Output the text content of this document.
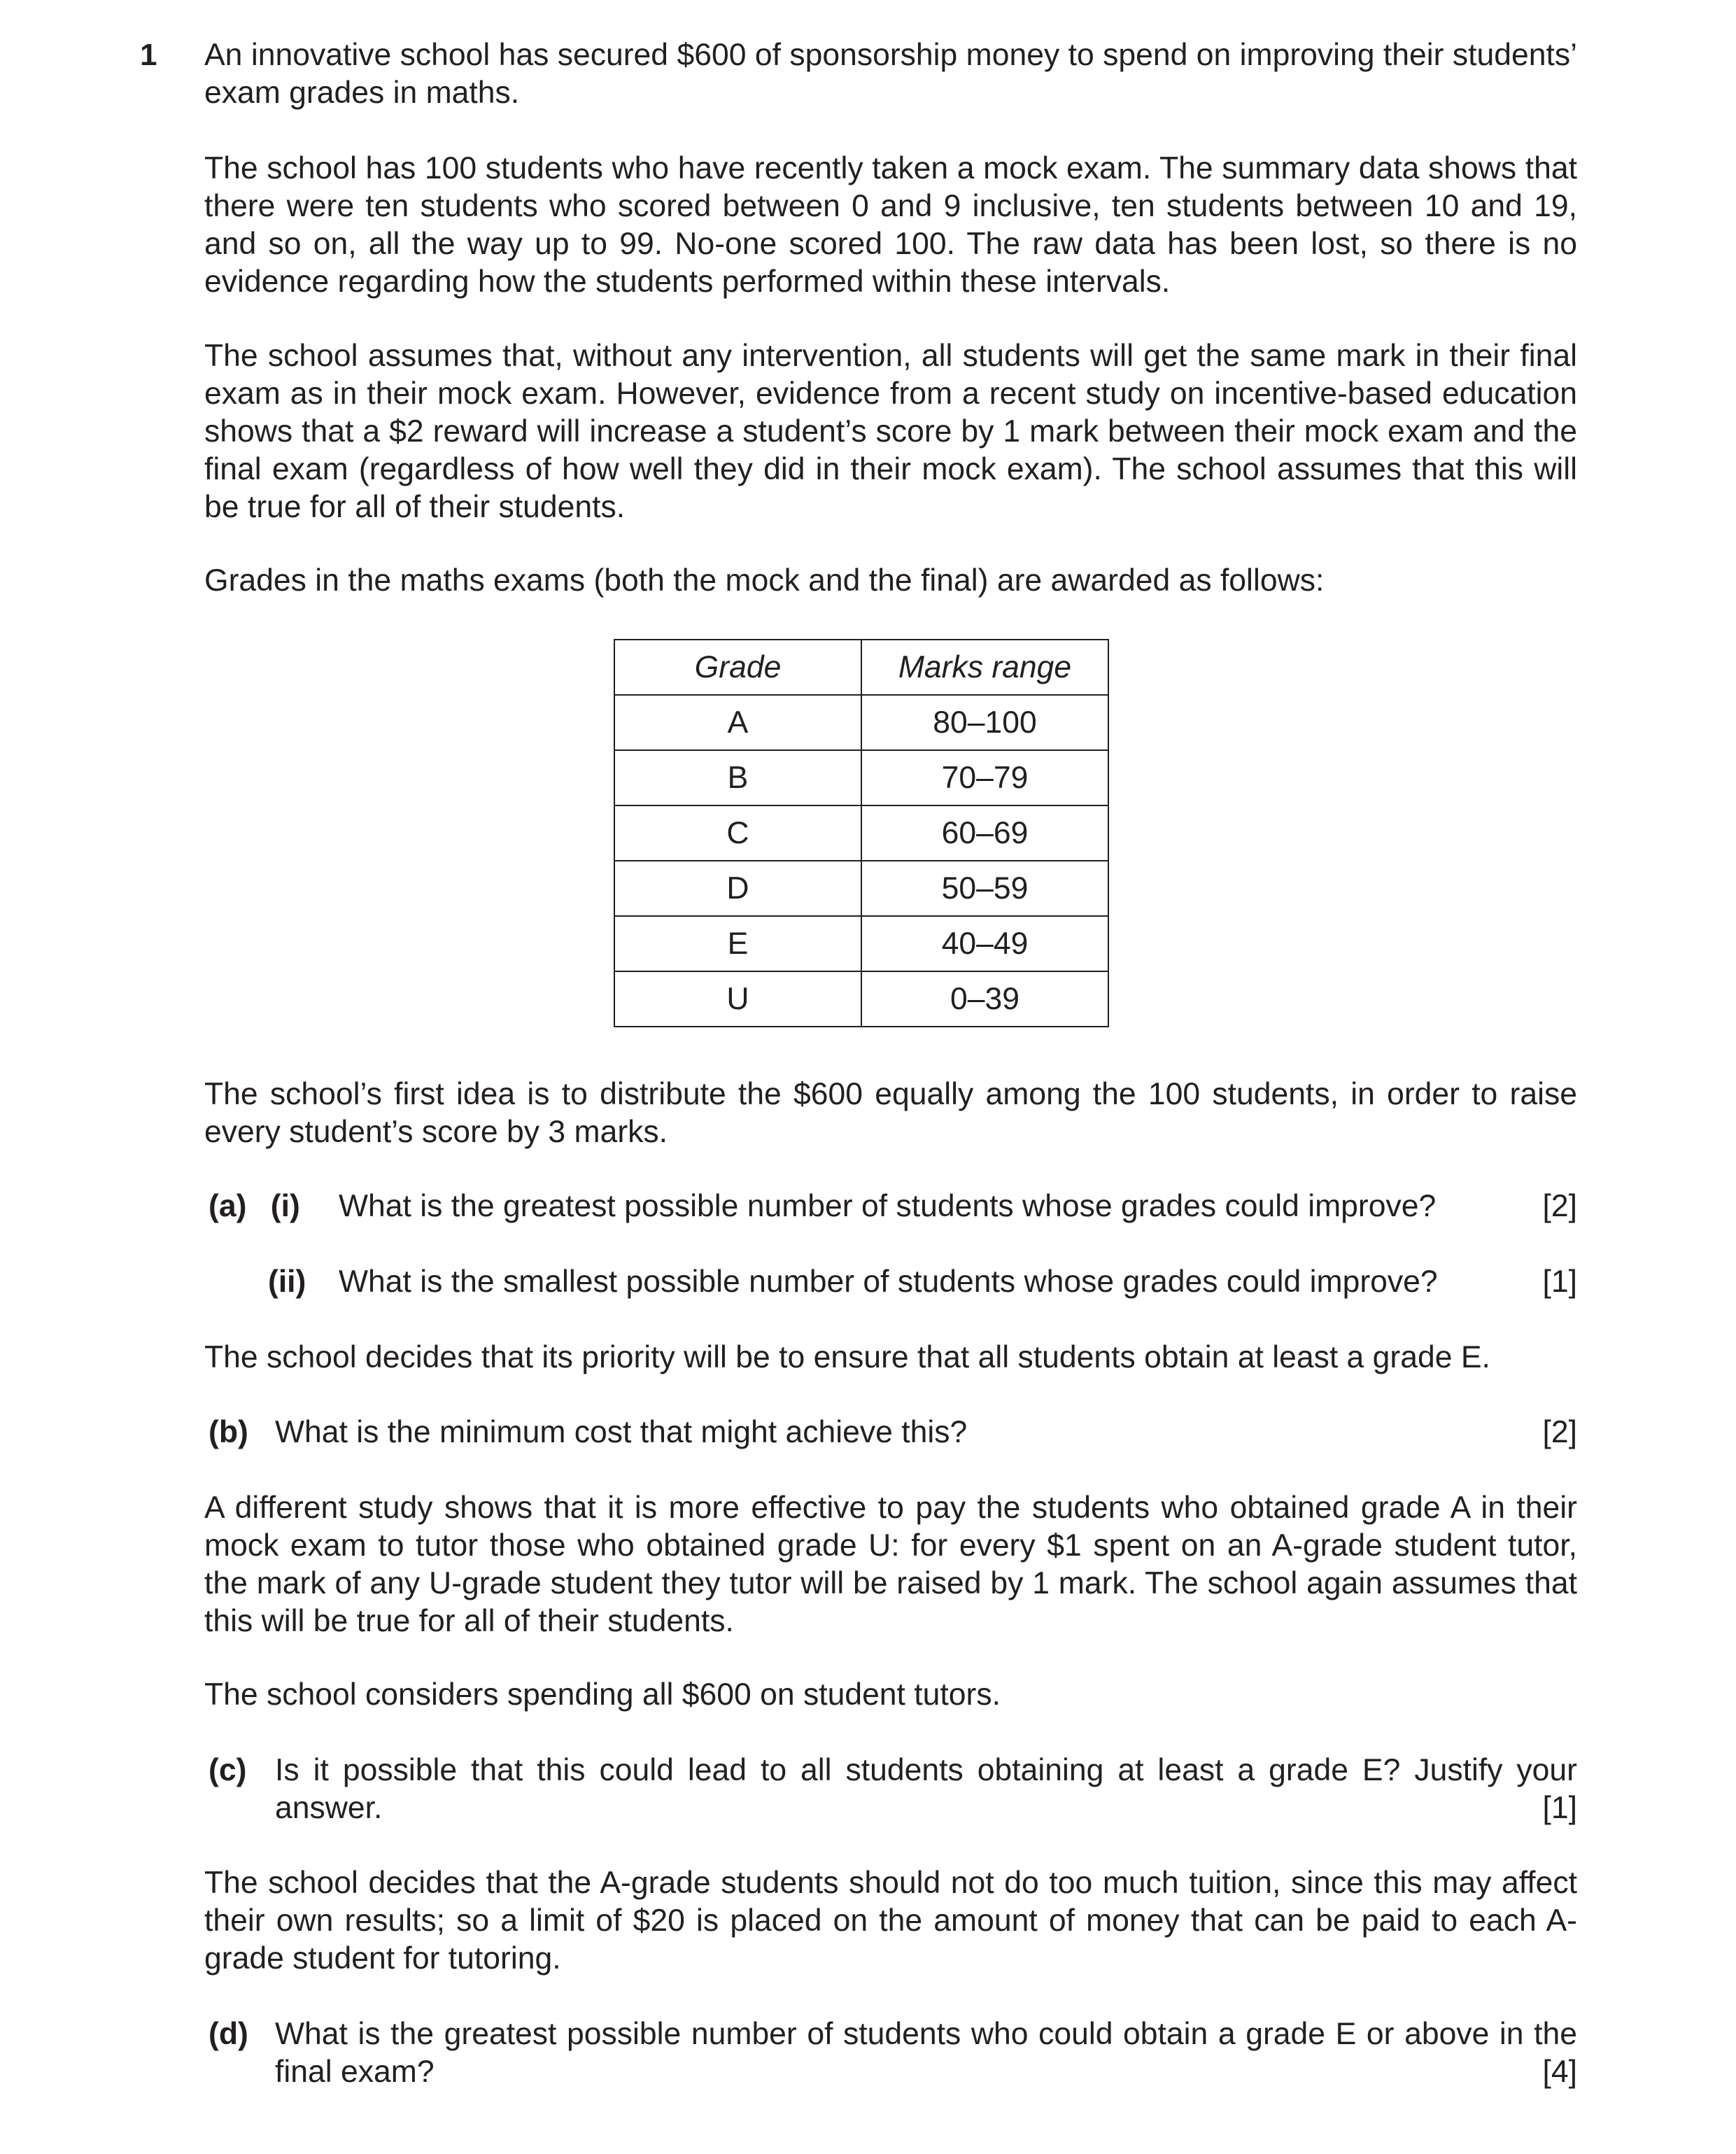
1 An innovative school has secured $600 of sponsorship money to spend on improving their students’ exam grades in maths.
The school has 100 students who have recently taken a mock exam. The summary data shows that there were ten students who scored between 0 and 9 inclusive, ten students between 10 and 19, and so on, all the way up to 99. No-one scored 100. The raw data has been lost, so there is no evidence regarding how the students performed within these intervals.
The school assumes that, without any intervention, all students will get the same mark in their final exam as in their mock exam. However, evidence from a recent study on incentive-based education shows that a $2 reward will increase a student’s score by 1 mark between their mock exam and the final exam (regardless of how well they did in their mock exam). The school assumes that this will be true for all of their students.
Grades in the maths exams (both the mock and the final) are awarded as follows:
Grade	Marks range
A	80–100
B	70–79
C	60–69
D	50–59
E	40–49
U	0–39
The school’s first idea is to distribute the $600 equally among the 100 students, in order to raise every student’s score by 3 marks.
(a) (i) What is the greatest possible number of students whose grades could improve?	[2]
(ii) What is the smallest possible number of students whose grades could improve?	[1]
The school decides that its priority will be to ensure that all students obtain at least a grade E.
(b) What is the minimum cost that might achieve this?	[2]
A different study shows that it is more effective to pay the students who obtained grade A in their mock exam to tutor those who obtained grade U: for every $1 spent on an A-grade student tutor, the mark of any U-grade student they tutor will be raised by 1 mark. The school again assumes that this will be true for all of their students.
The school considers spending all $600 on student tutors.
(c) Is it possible that this could lead to all students obtaining at least a grade E? Justify your
answer.	[1]
The school decides that the A-grade students should not do too much tuition, since this may affect their own results; so a limit of $20 is placed on the amount of money that can be paid to each A-grade student for tutoring.
(d) What is the greatest possible number of students who could obtain a grade E or above in the
final exam?	[4]
